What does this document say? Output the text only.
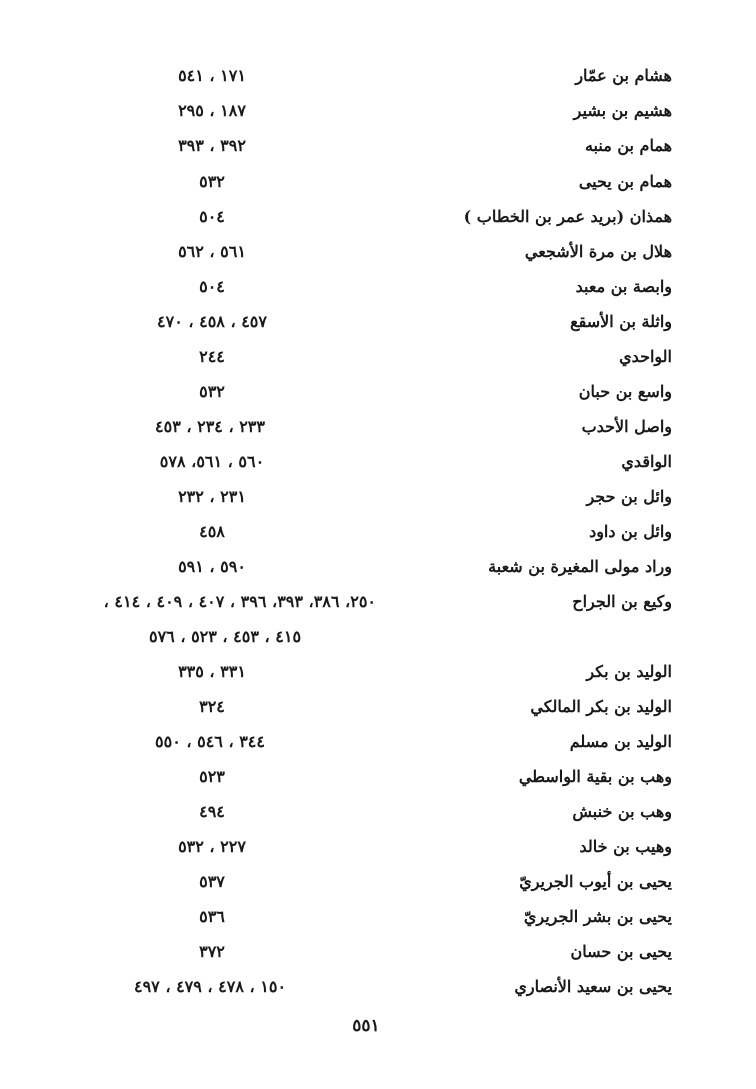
هشام بن عمّار
١٧١ ، ٥٤١
هشيم بن بشير
١٨٧ ، ٢٩٥
همام بن منبه
٣٩٢ ، ٣٩٣
همام بن يحيى
٥٣٢
همذان (بريد عمر بن الخطاب )
٥٠٤
هلال بن مرة الأشجعي
٥٦١ ، ٥٦٢
وابصة بن معبد
٥٠٤
واثلة بن الأسقع
٤٥٧ ، ٤٥٨ ، ٤٧٠
الواحدي
٢٤٤
واسع بن حبان
٥٣٢
واصل الأحدب
٢٣٣ ، ٢٣٤ ، ٤٥٣
الواقدي
٥٦٠ ، ٥٦١، ٥٧٨
وائل بن حجر
٢٣١ ، ٢٣٢
وائل بن داود
٤٥٨
وراد مولى المغيرة بن شعبة
٥٩٠ ، ٥٩١
وكيع بن الجراح
٢٥٠، ٣٨٦، ٣٩٣، ٣٩٦ ، ٤٠٧ ، ٤٠٩ ، ٤١٤ ،
٤١٥ ، ٤٥٣ ، ٥٢٣ ، ٥٧٦
الوليد بن بكر
٣٣١ ، ٣٣٥
الوليد بن بكر المالكي
٣٢٤
الوليد بن مسلم
٣٤٤ ، ٥٤٦ ، ٥٥٠
وهب بن بقية الواسطي
٥٢٣
وهب بن خنبش
٤٩٤
وهيب بن خالد
٢٢٧ ، ٥٣٢
يحيى بن أيوب الجريريّ
٥٣٧
يحيى بن بشر الجريريّ
٥٣٦
يحيى بن حسان
٣٧٢
يحيى بن سعيد الأنصاري
١٥٠ ، ٤٧٨ ، ٤٧٩ ، ٤٩٧
٥٥١
